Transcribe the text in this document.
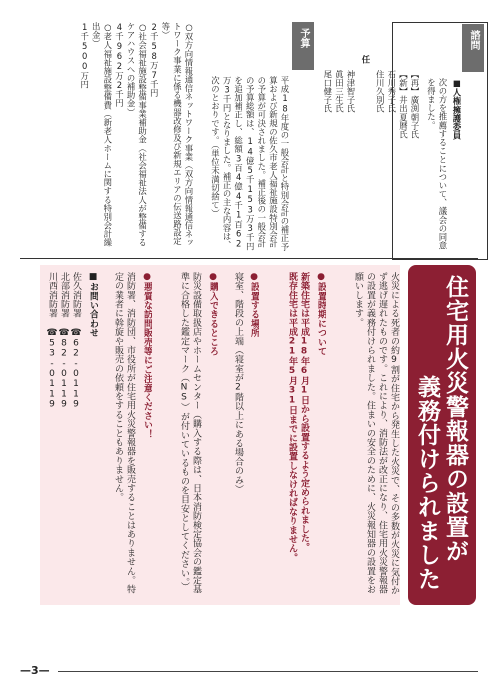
諮問
■人権擁護委員
次の方を推薦することについて、議会の同意を得ました。
【再】廣渕朝子氏
【新】井出夏暦氏
石川秀子氏
住川久別氏
任
神津智子氏
眞田三生氏
尾口健子氏
予算
平成18年度の一般会計と特別会計の補正予算および新規の佐久市老人福祉施設特別会計の予算が可決されました。補正後の一般会計の予算総額は、14億5千153万3千円を追加補正し、総額3百4億4千1百62万3千円となりました。補正の主な内容は、次のとおりです。（単位未満切捨て）
○双方向情報通信ネットワーク事業（双方向情報通信ネットワーク事業に係る機器改修及び新規エリアの伝送路設定等）
2千58万7千円
○社会福祉施設整備事業補助金（社会福祉法人が整備するケアハウスへの補助金）
4千962万2千円
○老人福祉施設整備費（新老人ホームに関する特別会計繰出金）
1千500万円
住宅用火災警報器の設置が
義務付けられました
火災による死者の約9割が住宅から発生した火災で、その多数が火災に気付かず逃げ遅れたものです。これにより、消防法が改正になり、住宅用火災警報器の設置が義務付けられました。住まいの安全のために、火災報知器の設置をお願いします。
●設置時期について
新築住宅は平成18年6月1日から設置するよう定められました。
既存住宅は平成21年5月31日までに設置しなければなりません。
●設置する場所
寝室、階段の上端（寝室が2階以上にある場合のみ）
●購入できるところ
防災設備取扱店やホームセンター（購入する際は、日本消防検定協会の鑑定基準に合格した鑑定マーク（NS）が付いているものを目安としてください。）
●悪質な訪問販売等にご注意ください！
消防署、消防団、市役所が住宅用火災警報器を販売することはありません。特定の業者に斡旋や販売の依頼をすることもありません。
■お問い合わせ
佐久消防署 ☎62-0119
北部消防署 ☎82-0119
川西消防署 ☎53-0119
—3—
